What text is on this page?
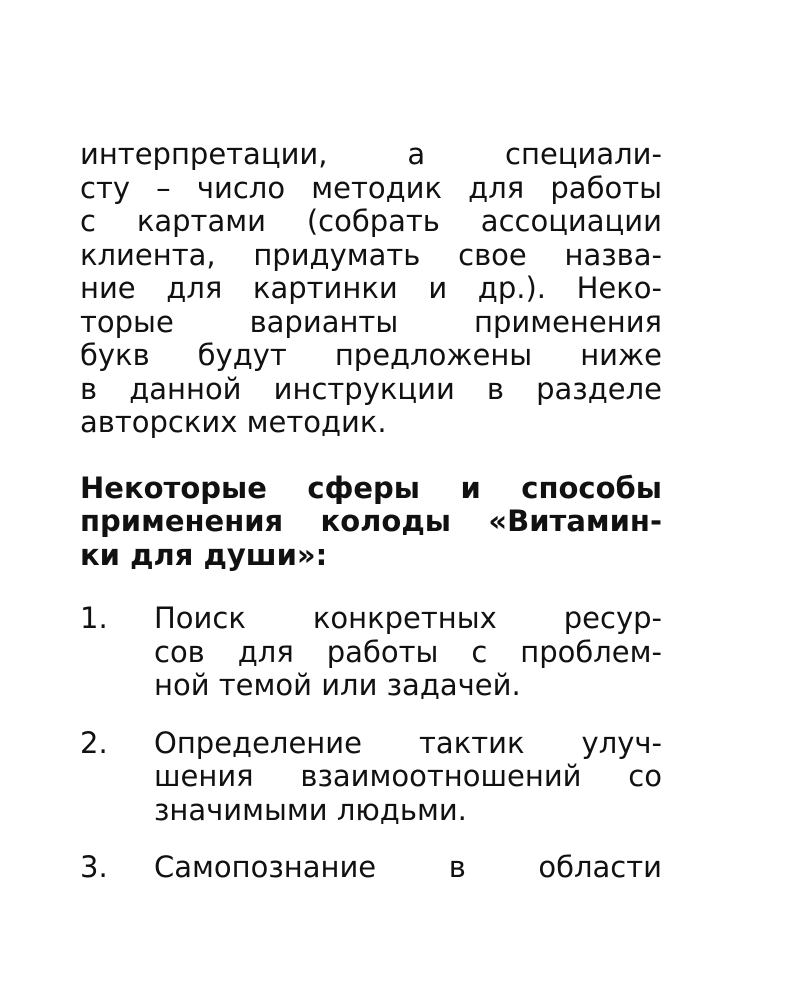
интерпретации, а специали-
сту – число методик для работы
с картами (собрать ассоциации
клиента, придумать свое назва-
ние для картинки и др.). Неко-
торые варианты применения
букв будут предложены ниже
в данной инструкции в разделе
авторских методик.

Некоторые сферы и способы
применения колоды «Витамин-
ки для души»:

1.	Поиск конкретных ресур-
сов для работы с проблем-
ной темой или задачей.
2.	Определение тактик улуч-
шения взаимоотношений со
значимыми людьми.
3.	Самопознание в области
